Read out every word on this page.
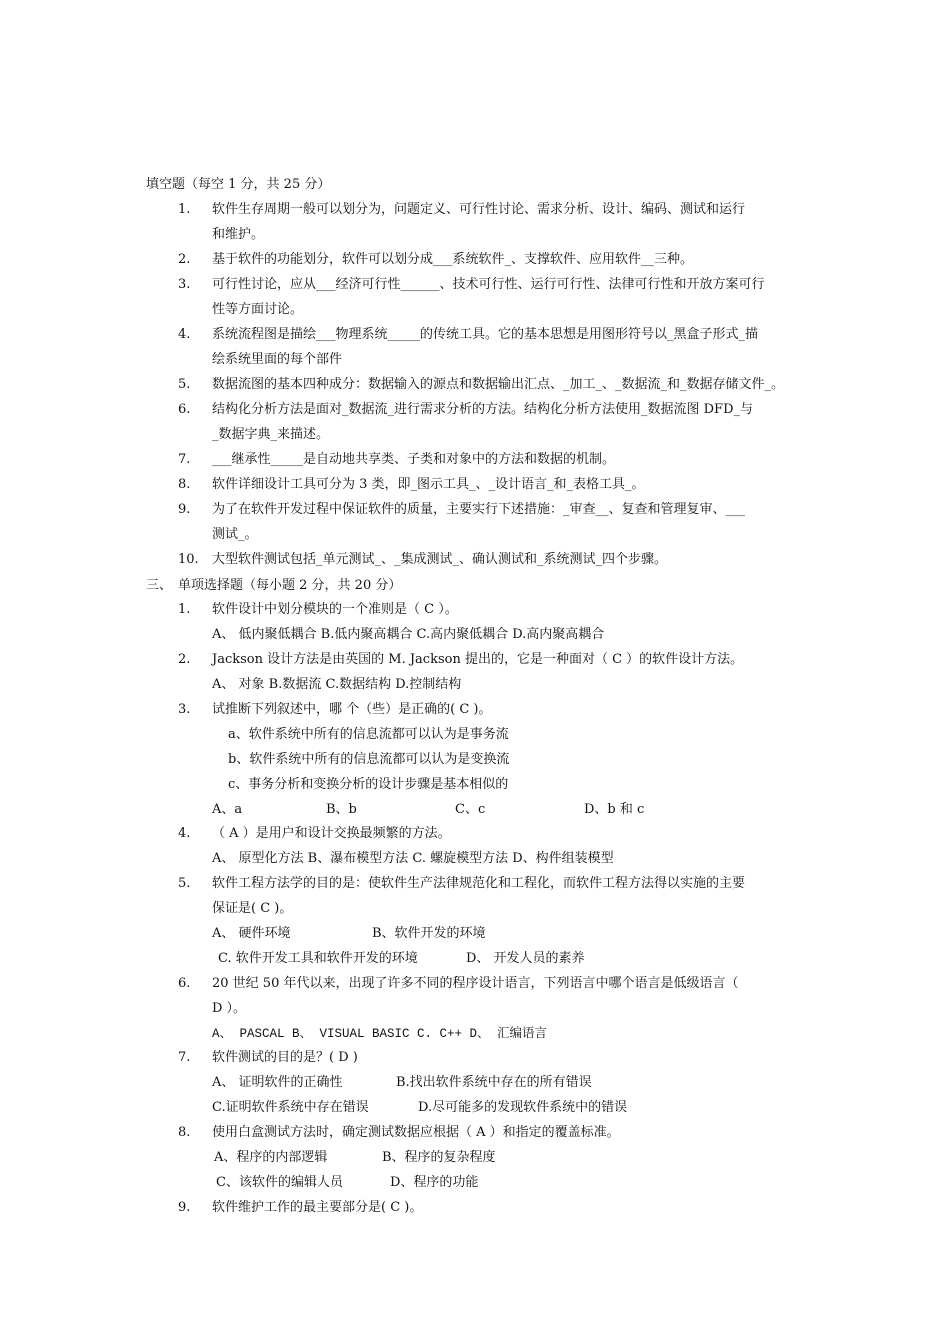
填空题（每空 1 分，共 25 分）
1. 软件生存周期一般可以划分为，问题定义、可行性讨论、需求分析、设计、编码、测试和运行
和维护。
2. 基于软件的功能划分，软件可以划分成___系统软件_、支撑软件、应用软件__三种。
3. 可行性讨论，应从___经济可行性______、技术可行性、运行可行性、法律可行性和开放方案可行
性等方面讨论。
4. 系统流程图是描绘___物理系统_____的传统工具。它的基本思想是用图形符号以_黑盒子形式_描
绘系统里面的每个部件
5. 数据流图的基本四种成分：数据输入的源点和数据输出汇点、_加工_、_数据流_和_数据存储文件_。
6. 结构化分析方法是面对_数据流_进行需求分析的方法。结构化分析方法使用_数据流图 DFD_与
_数据字典_来描述。
7. ___继承性_____是自动地共享类、子类和对象中的方法和数据的机制。
8. 软件详细设计工具可分为 3 类，即_图示工具_、_设计语言_和_表格工具_。
9. 为了在软件开发过程中保证软件的质量，主要实行下述措施：_审查__、复查和管理复审、___
测试_。
10. 大型软件测试包括_单元测试_、_集成测试_、确认测试和_系统测试_四个步骤。
三、 单项选择题（每小题 2 分，共 20 分）
1. 软件设计中划分模块的一个准则是（ C ）。
A、 低内聚低耦合 B.低内聚高耦合 C.高内聚低耦合 D.高内聚高耦合
2. Jackson 设计方法是由英国的 M. Jackson 提出的，它是一种面对（ C ）的软件设计方法。
A、 对象 B.数据流 C.数据结构 D.控制结构
3. 试推断下列叙述中，哪 个（些）是正确的( C )。
a、软件系统中所有的信息流都可以认为是事务流
b、软件系统中所有的信息流都可以认为是变换流
c、事务分析和变换分析的设计步骤是基本相似的
A、a	B、b	C、c	D、b 和 c
4. （ A ）是用户和设计交换最频繁的方法。
A、 原型化方法 B、瀑布模型方法 C. 螺旋模型方法 D、构件组装模型
5. 软件工程方法学的目的是：使软件生产法律规范化和工程化，而软件工程方法得以实施的主要
保证是( C )。
A、 硬件环境	B、软件开发的环境
C. 软件开发工具和软件开发的环境	D、 开发人员的素养
6. 20 世纪 50 年代以来，出现了许多不同的程序设计语言，下列语言中哪个语言是低级语言（
D ）。
A、 PASCAL B、 VISUAL BASIC C. C++ D、 汇编语言
7. 软件测试的目的是？( D )
A、 证明软件的正确性	B.找出软件系统中存在的所有错误
C.证明软件系统中存在错误	D.尽可能多的发现软件系统中的错误
8. 使用白盒测试方法时，确定测试数据应根据（ A ）和指定的覆盖标准。
A、程序的内部逻辑	B、程序的复杂程度
C、该软件的编辑人员	D、程序的功能
9. 软件维护工作的最主要部分是( C )。
